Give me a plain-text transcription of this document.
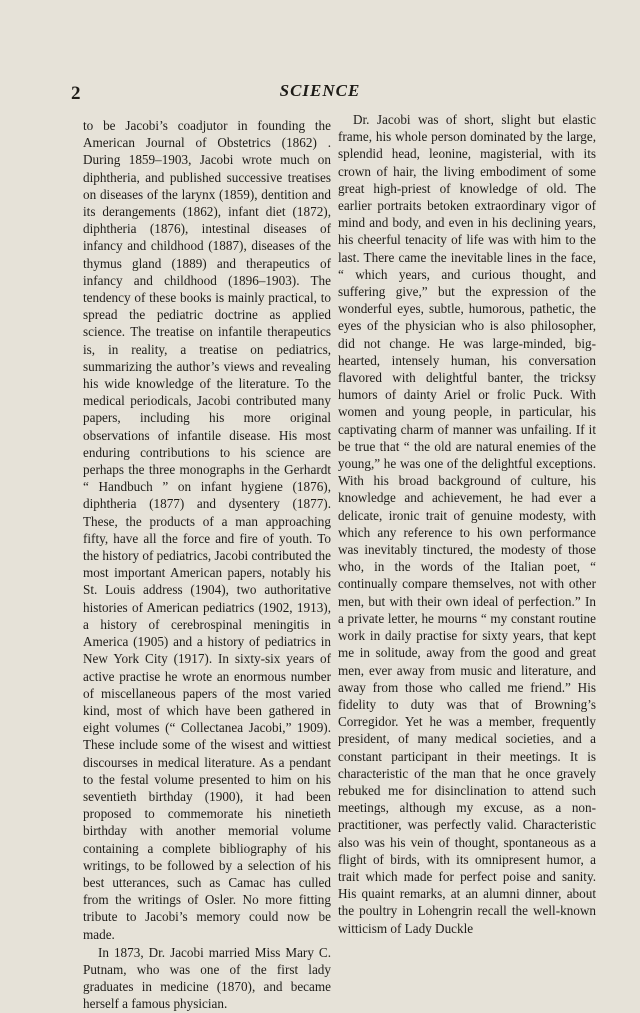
2	SCIENCE

to be Jacobi’s coadjutor in founding the American Journal of Obstetrics (1862) . During 1859–1903, Jacobi wrote much on diphtheria, and published successive treatises on diseases of the larynx (1859), dentition and its derangements (1862), infant diet (1872), diphtheria (1876), intestinal diseases of infancy and childhood (1887), diseases of the thymus gland (1889) and therapeutics of infancy and childhood (1896–1903). The tendency of these books is mainly practical, to spread the pediatric doctrine as applied science. The treatise on infantile therapeutics is, in reality, a treatise on pediatrics, summarizing the author’s views and revealing his wide knowledge of the literature. To the medical periodicals, Jacobi contributed many papers, including his more original observations of infantile disease. His most enduring contributions to his science are perhaps the three monographs in the Gerhardt “ Handbuch ” on infant hygiene (1876), diphtheria (1877) and dysentery (1877). These, the products of a man approaching fifty, have all the force and fire of youth. To the history of pediatrics, Jacobi contributed the most important American papers, notably his St. Louis address (1904), two authoritative histories of American pediatrics (1902, 1913), a history of cerebrospinal meningitis in America (1905) and a history of pediatrics in New York City (1917). In sixty-six years of active practise he wrote an enormous number of miscellaneous papers of the most varied kind, most of which have been gathered in eight volumes (“ Collectanea Jacobi,” 1909). These include some of the wisest and wittiest discourses in medical literature. As a pendant to the festal volume presented to him on his seventieth birthday (1900), it had been proposed to commemorate his ninetieth birthday with another memorial volume containing a complete bibliography of his writings, to be followed by a selection of his best utterances, such as Camac has culled from the writings of Osler. No more fitting tribute to Jacobi’s memory could now be made.

In 1873, Dr. Jacobi married Miss Mary C. Putnam, who was one of the first lady graduates in medicine (1870), and became herself a famous physician.

Dr. Jacobi was of short, slight but elastic frame, his whole person dominated by the large, splendid head, leonine, magisterial, with its crown of hair, the living embodiment of some great high-priest of knowledge of old. The earlier portraits betoken extraordinary vigor of mind and body, and even in his declining years, his cheerful tenacity of life was with him to the last. There came the inevitable lines in the face, “ which years, and curious thought, and suffering give,” but the expression of the wonderful eyes, subtle, humorous, pathetic, the eyes of the physician who is also philosopher, did not change. He was large-minded, big-hearted, intensely human, his conversation flavored with delightful banter, the tricksy humors of dainty Ariel or frolic Puck. With women and young people, in particular, his captivating charm of manner was unfailing. If it be true that “ the old are natural enemies of the young,” he was one of the delightful exceptions. With his broad background of culture, his knowledge and achievement, he had ever a delicate, ironic trait of genuine modesty, with which any reference to his own performance was inevitably tinctured, the modesty of those who, in the words of the Italian poet, “ continually compare themselves, not with other men, but with their own ideal of perfection.” In a private letter, he mourns “ my constant routine work in daily practise for sixty years, that kept me in solitude, away from the good and great men, ever away from music and literature, and away from those who called me friend.” His fidelity to duty was that of Browning’s Corregidor. Yet he was a member, frequently president, of many medical societies, and a constant participant in their meetings. It is characteristic of the man that he once gravely rebuked me for disinclination to attend such meetings, although my excuse, as a non-practitioner, was perfectly valid. Characteristic also was his vein of thought, spontaneous as a flight of birds, with its omnipresent humor, a trait which made for perfect poise and sanity. His quaint remarks, at an alumni dinner, about the poultry in Lohengrin recall the well-known witticism of Lady Duckle
